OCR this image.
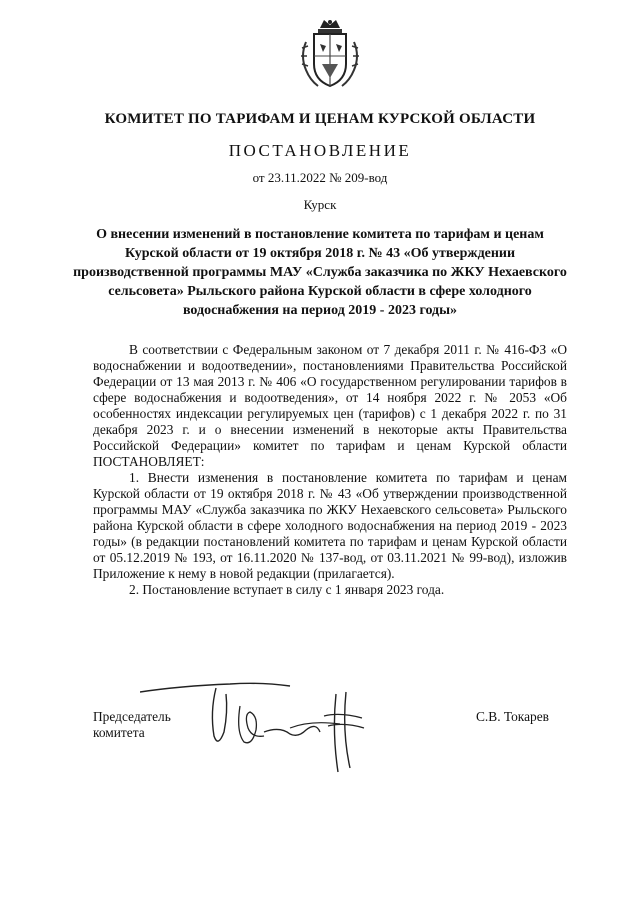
КОМИТЕТ ПО ТАРИФАМ И ЦЕНАМ КУРСКОЙ ОБЛАСТИ

ПОСТАНОВЛЕНИЕ

от 23.11.2022 № 209-вод

Курск

О внесении изменений в постановление комитета по тарифам и ценам Курской области от 19 октября 2018 г. № 43 «Об утверждении производственной программы МАУ «Служба заказчика по ЖКУ Нехаевского сельсовета» Рыльского района Курской области в сфере холодного водоснабжения на период 2019 - 2023 годы»

В соответствии с Федеральным законом от 7 декабря 2011 г. № 416-ФЗ «О водоснабжении и водоотведении», постановлениями Правительства Российской Федерации от 13 мая 2013 г. № 406 «О государственном регулировании тарифов в сфере водоснабжения и водоотведения», от 14 ноября 2022 г. № 2053 «Об особенностях индексации регулируемых цен (тарифов) с 1 декабря 2022 г. по 31 декабря 2023 г. и о внесении изменений в некоторые акты Правительства Российской Федерации» комитет по тарифам и ценам Курской области ПОСТАНОВЛЯЕТ:

1. Внести изменения в постановление комитета по тарифам и ценам Курской области от 19 октября 2018 г. № 43 «Об утверждении производственной программы МАУ «Служба заказчика по ЖКУ Нехаевского сельсовета» Рыльского района Курской области в сфере холодного водоснабжения на период 2019 - 2023 годы» (в редакции постановлений комитета по тарифам и ценам Курской области от 05.12.2019 № 193, от 16.11.2020 № 137-вод, от 03.11.2021 № 99-вод), изложив Приложение к нему в новой редакции (прилагается).

2. Постановление вступает в силу с 1 января 2023 года.

Председатель
комитета
С.В. Токарев
